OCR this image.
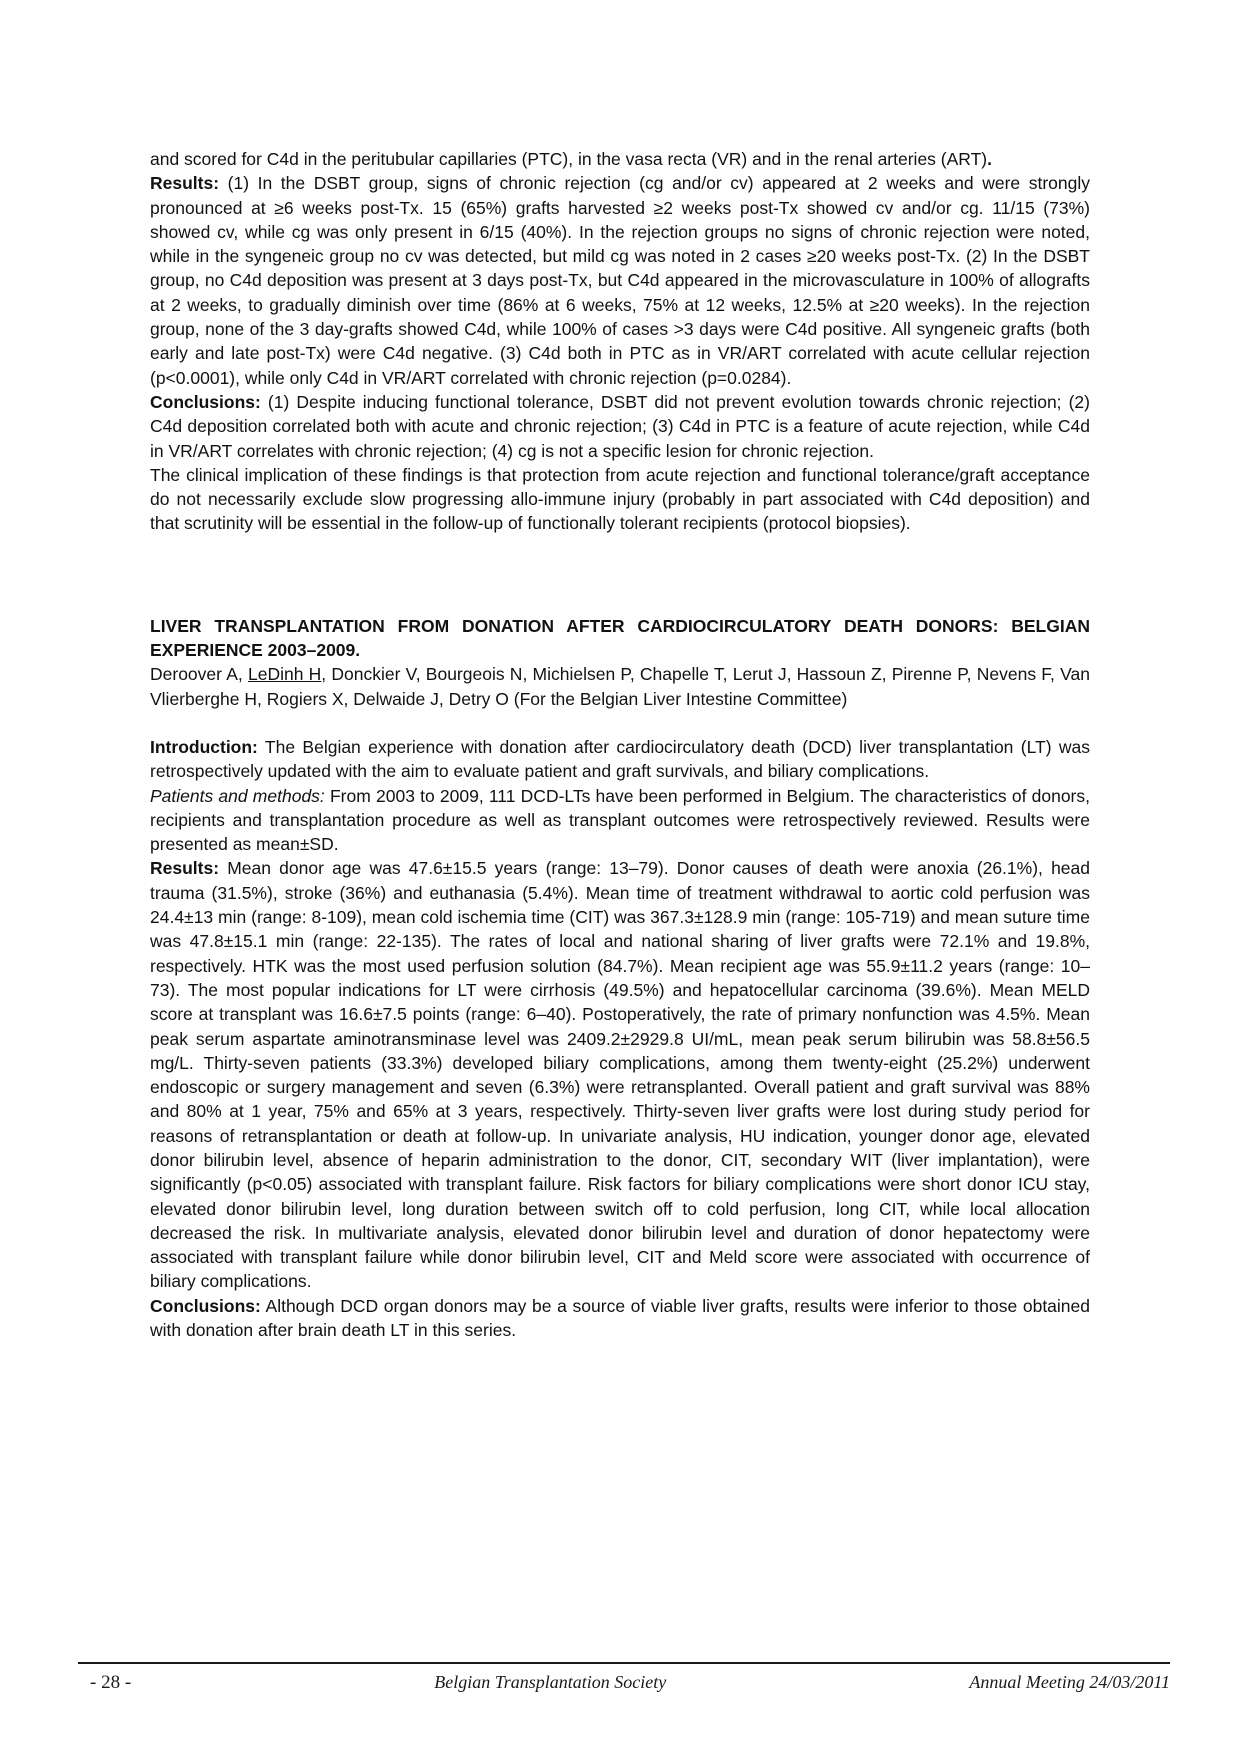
and scored for C4d in the peritubular capillaries (PTC), in the vasa recta (VR) and in the renal arteries (ART).

Results: (1) In the DSBT group, signs of chronic rejection (cg and/or cv) appeared at 2 weeks and were strongly pronounced at ≥6 weeks post-Tx. 15 (65%) grafts harvested ≥2 weeks post-Tx showed cv and/or cg. 11/15 (73%) showed cv, while cg was only present in 6/15 (40%). In the rejection groups no signs of chronic rejection were noted, while in the syngeneic group no cv was detected, but mild cg was noted in 2 cases ≥20 weeks post-Tx. (2) In the DSBT group, no C4d deposition was present at 3 days post-Tx, but C4d appeared in the microvasculature in 100% of allografts at 2 weeks, to gradually diminish over time (86% at 6 weeks, 75% at 12 weeks, 12.5% at ≥20 weeks). In the rejection group, none of the 3 day-grafts showed C4d, while 100% of cases >3 days were C4d positive. All syngeneic grafts (both early and late post-Tx) were C4d negative. (3) C4d both in PTC as in VR/ART correlated with acute cellular rejection (p<0.0001), while only C4d in VR/ART correlated with chronic rejection (p=0.0284).

Conclusions: (1) Despite inducing functional tolerance, DSBT did not prevent evolution towards chronic rejection; (2) C4d deposition correlated both with acute and chronic rejection; (3) C4d in PTC is a feature of acute rejection, while C4d in VR/ART correlates with chronic rejection; (4) cg is not a specific lesion for chronic rejection.

The clinical implication of these findings is that protection from acute rejection and functional tolerance/graft acceptance do not necessarily exclude slow progressing allo-immune injury (probably in part associated with C4d deposition) and that scrutinity will be essential in the follow-up of functionally tolerant recipients (protocol biopsies).

LIVER TRANSPLANTATION FROM DONATION AFTER CARDIOCIRCULATORY DEATH DONORS: BELGIAN EXPERIENCE 2003–2009.

Deroover A, LeDinh H, Donckier V, Bourgeois N, Michielsen P, Chapelle T, Lerut J, Hassoun Z, Pirenne P, Nevens F, Van Vlierberghe H, Rogiers X, Delwaide J, Detry O (For the Belgian Liver Intestine Committee)

Introduction: The Belgian experience with donation after cardiocirculatory death (DCD) liver transplantation (LT) was retrospectively updated with the aim to evaluate patient and graft survivals, and biliary complications.

Patients and methods: From 2003 to 2009, 111 DCD-LTs have been performed in Belgium. The characteristics of donors, recipients and transplantation procedure as well as transplant outcomes were retrospectively reviewed. Results were presented as mean±SD.

Results: Mean donor age was 47.6±15.5 years (range: 13–79). Donor causes of death were anoxia (26.1%), head trauma (31.5%), stroke (36%) and euthanasia (5.4%). Mean time of treatment withdrawal to aortic cold perfusion was 24.4±13 min (range: 8-109), mean cold ischemia time (CIT) was 367.3±128.9 min (range: 105-719) and mean suture time was 47.8±15.1 min (range: 22-135). The rates of local and national sharing of liver grafts were 72.1% and 19.8%, respectively. HTK was the most used perfusion solution (84.7%). Mean recipient age was 55.9±11.2 years (range: 10–73). The most popular indications for LT were cirrhosis (49.5%) and hepatocellular carcinoma (39.6%). Mean MELD score at transplant was 16.6±7.5 points (range: 6–40). Postoperatively, the rate of primary nonfunction was 4.5%. Mean peak serum aspartate aminotransminase level was 2409.2±2929.8 UI/mL, mean peak serum bilirubin was 58.8±56.5 mg/L. Thirty-seven patients (33.3%) developed biliary complications, among them twenty-eight (25.2%) underwent endoscopic or surgery management and seven (6.3%) were retransplanted. Overall patient and graft survival was 88% and 80% at 1 year, 75% and 65% at 3 years, respectively. Thirty-seven liver grafts were lost during study period for reasons of retransplantation or death at follow-up. In univariate analysis, HU indication, younger donor age, elevated donor bilirubin level, absence of heparin administration to the donor, CIT, secondary WIT (liver implantation), were significantly (p<0.05) associated with transplant failure. Risk factors for biliary complications were short donor ICU stay, elevated donor bilirubin level, long duration between switch off to cold perfusion, long CIT, while local allocation decreased the risk. In multivariate analysis, elevated donor bilirubin level and duration of donor hepatectomy were associated with transplant failure while donor bilirubin level, CIT and Meld score were associated with occurrence of biliary complications.

Conclusions: Although DCD organ donors may be a source of viable liver grafts, results were inferior to those obtained with donation after brain death LT in this series.

- 28 -	Belgian Transplantation Society	Annual Meeting 24/03/2011
